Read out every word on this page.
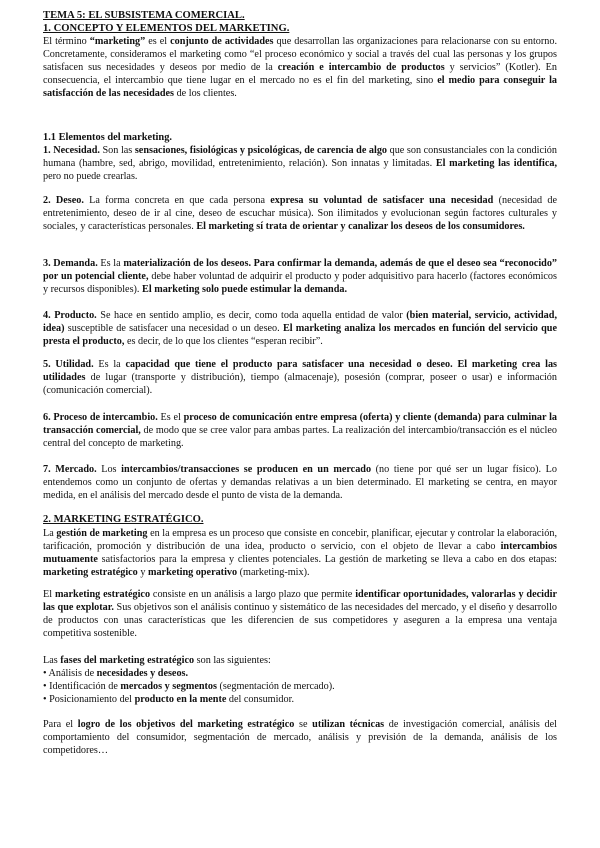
TEMA 5: EL SUBSISTEMA COMERCIAL.
1. CONCEPTO Y ELEMENTOS DEL MARKETING.

El término “marketing” es el conjunto de actividades que desarrollan las organizaciones para relacionarse con su entorno. Concretamente, consideramos el marketing como “el proceso económico y social a través del cual las personas y los grupos satisfacen sus necesidades y deseos por medio de la creación e intercambio de productos y servicios” (Kotler). En consecuencia, el intercambio que tiene lugar en el mercado no es el fin del marketing, sino el medio para conseguir la satisfacción de las necesidades de los clientes.

1.1 Elementos del marketing.

1. Necesidad. Son las sensaciones, fisiológicas y psicológicas, de carencia de algo que son consustanciales con la condición humana (hambre, sed, abrigo, movilidad, entretenimiento, relación). Son innatas y limitadas. El marketing las identifica, pero no puede crearlas.

2. Deseo. La forma concreta en que cada persona expresa su voluntad de satisfacer una necesidad (necesidad de entretenimiento, deseo de ir al cine, deseo de escuchar música). Son ilimitados y evolucionan según factores culturales y sociales, y características personales. El marketing sí trata de orientar y canalizar los deseos de los consumidores.

3. Demanda. Es la materialización de los deseos. Para confirmar la demanda, además de que el deseo sea “reconocido” por un potencial cliente, debe haber voluntad de adquirir el producto y poder adquisitivo para hacerlo (factores económicos y recursos disponibles). El marketing solo puede estimular la demanda.

4. Producto. Se hace en sentido amplio, es decir, como toda aquella entidad de valor (bien material, servicio, actividad, idea) susceptible de satisfacer una necesidad o un deseo. El marketing analiza los mercados en función del servicio que presta el producto, es decir, de lo que los clientes “esperan recibir”.

5. Utilidad. Es la capacidad que tiene el producto para satisfacer una necesidad o deseo. El marketing crea las utilidades de lugar (transporte y distribución), tiempo (almacenaje), posesión (comprar, poseer o usar) e información (comunicación comercial).

6. Proceso de intercambio. Es el proceso de comunicación entre empresa (oferta) y cliente (demanda) para culminar la transacción comercial, de modo que se cree valor para ambas partes. La realización del intercambio/transacción es el núcleo central del concepto de marketing.

7. Mercado. Los intercambios/transacciones se producen en un mercado (no tiene por qué ser un lugar físico). Lo entendemos como un conjunto de ofertas y demandas relativas a un bien determinado. El marketing se centra, en mayor medida, en el análisis del mercado desde el punto de vista de la demanda.

2. MARKETING ESTRATÉGICO.

La gestión de marketing en la empresa es un proceso que consiste en concebir, planificar, ejecutar y controlar la elaboración, tarificación, promoción y distribución de una idea, producto o servicio, con el objeto de llevar a cabo intercambios mutuamente satisfactorios para la empresa y clientes potenciales. La gestión de marketing se lleva a cabo en dos etapas: marketing estratégico y marketing operativo (marketing-mix).

El marketing estratégico consiste en un análisis a largo plazo que permite identificar oportunidades, valorarlas y decidir las que explotar. Sus objetivos son el análisis continuo y sistemático de las necesidades del mercado, y el diseño y desarrollo de productos con unas características que les diferencien de sus competidores y aseguren a la empresa una ventaja competitiva sostenible.

Las fases del marketing estratégico son las siguientes:

• Análisis de necesidades y deseos.
• Identificación de mercados y segmentos (segmentación de mercado).
• Posicionamiento del producto en la mente del consumidor.

Para el logro de los objetivos del marketing estratégico se utilizan técnicas de investigación comercial, análisis del comportamiento del consumidor, segmentación de mercado, análisis y previsión de la demanda, análisis de los competidores…
